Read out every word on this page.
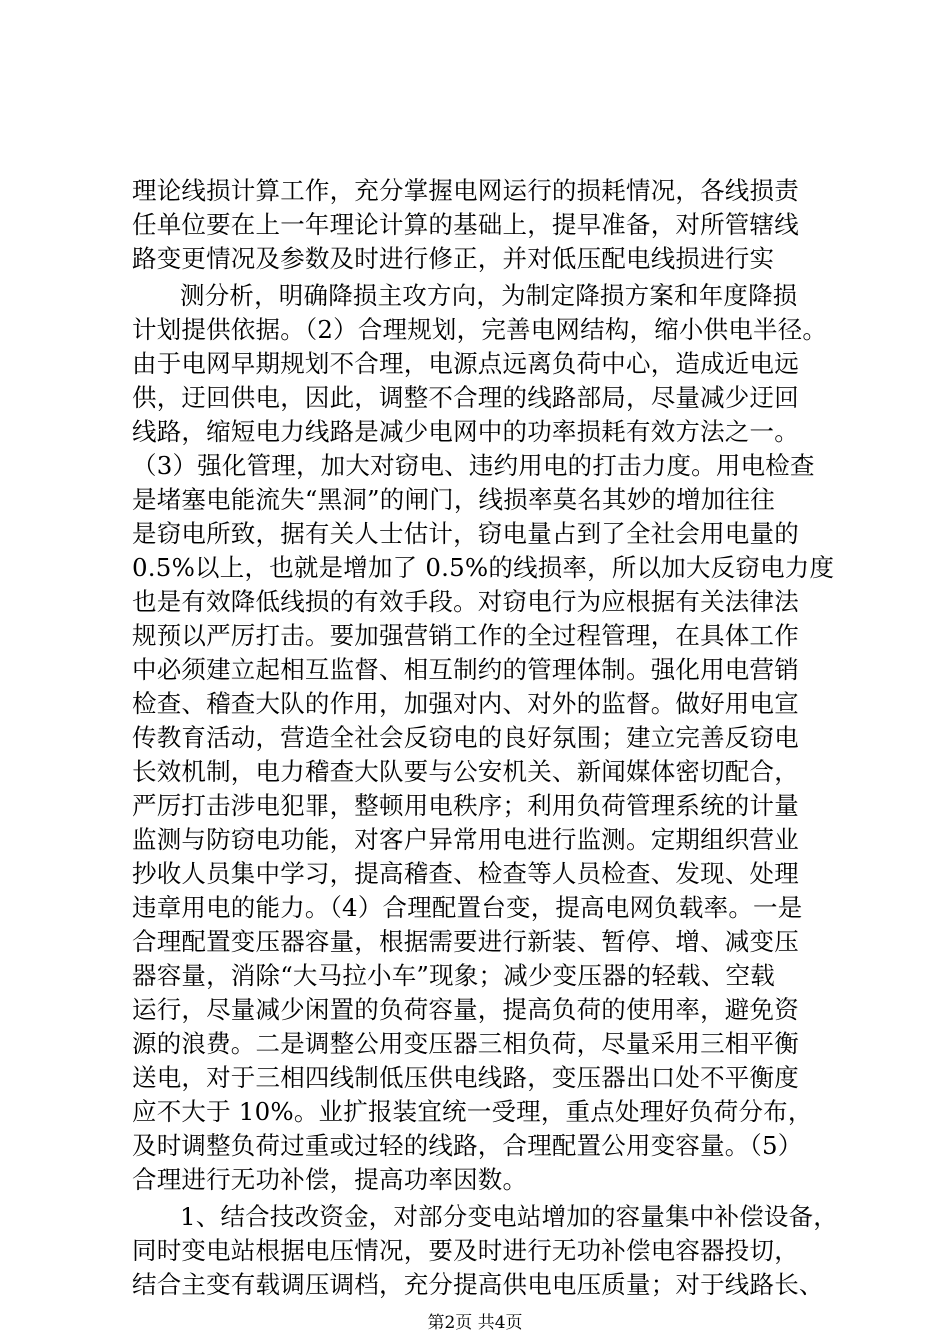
理论线损计算工作，充分掌握电网运行的损耗情况，各线损责
任单位要在上一年理论计算的基础上，提早准备，对所管辖线
路变更情况及参数及时进行修正，并对低压配电线损进行实
测分析，明确降损主攻方向，为制定降损方案和年度降损
计划提供依据。（2）合理规划，完善电网结构，缩小供电半径。
由于电网早期规划不合理，电源点远离负荷中心，造成近电远
供，迂回供电，因此，调整不合理的线路部局，尽量减少迂回
线路，缩短电力线路是减少电网中的功率损耗有效方法之一。
（3）强化管理，加大对窃电、违约用电的打击力度。用电检查
是堵塞电能流失“黑洞”的闸门，线损率莫名其妙的增加往往
是窃电所致，据有关人士估计，窃电量占到了全社会用电量的
0.5%以上，也就是增加了 0.5%的线损率，所以加大反窃电力度
也是有效降低线损的有效手段。对窃电行为应根据有关法律法
规预以严厉打击。要加强营销工作的全过程管理，在具体工作
中必须建立起相互监督、相互制约的管理体制。强化用电营销
检查、稽查大队的作用，加强对内、对外的监督。做好用电宣
传教育活动，营造全社会反窃电的良好氛围；建立完善反窃电
长效机制，电力稽查大队要与公安机关、新闻媒体密切配合，
严厉打击涉电犯罪，整顿用电秩序；利用负荷管理系统的计量
监测与防窃电功能，对客户异常用电进行监测。定期组织营业
抄收人员集中学习，提高稽查、检查等人员检查、发现、处理
违章用电的能力。（4）合理配置台变，提高电网负载率。一是
合理配置变压器容量，根据需要进行新装、暂停、增、减变压
器容量，消除“大马拉小车”现象；减少变压器的轻载、空载
运行，尽量减少闲置的负荷容量，提高负荷的使用率，避免资
源的浪费。二是调整公用变压器三相负荷，尽量采用三相平衡
送电，对于三相四线制低压供电线路，变压器出口处不平衡度
应不大于 10%。业扩报装宜统一受理，重点处理好负荷分布，
及时调整负荷过重或过轻的线路，合理配置公用变容量。（5）
合理进行无功补偿，提高功率因数。
1、结合技改资金，对部分变电站增加的容量集中补偿设备，
同时变电站根据电压情况，要及时进行无功补偿电容器投切，
结合主变有载调压调档，充分提高供电电压质量；对于线路长、
第2页 共4页
